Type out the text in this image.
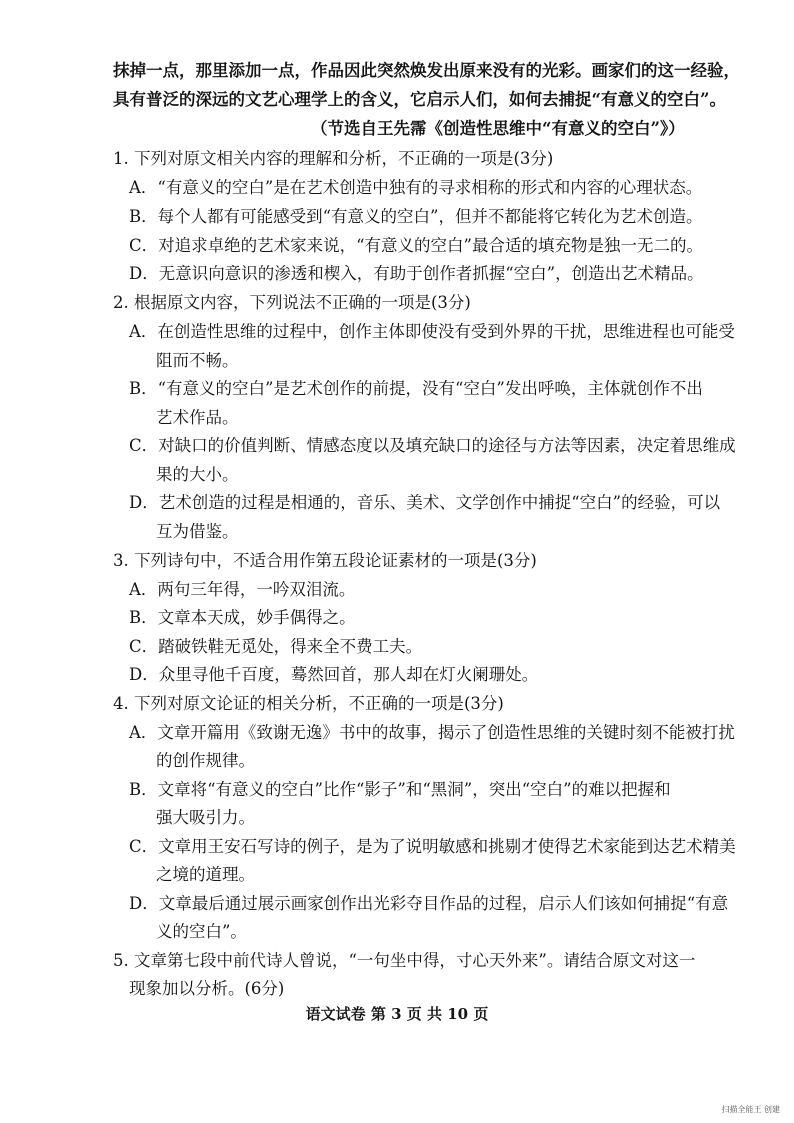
抹掉一点，那里添加一点，作品因此突然焕发出原来没有的光彩。画家们的这一经验，
具有普泛的深远的文艺心理学上的含义，它启示人们，如何去捕捉“有意义的空白”。
（节选自王先霈《创造性思维中“有意义的空白”》）
1. 下列对原文相关内容的理解和分析，不正确的一项是(3分)
A．“有意义的空白”是在艺术创造中独有的寻求相称的形式和内容的心理状态。
B．每个人都有可能感受到“有意义的空白”，但并不都能将它转化为艺术创造。
C．对追求卓绝的艺术家来说，“有意义的空白”最合适的填充物是独一无二的。
D．无意识向意识的渗透和楔入，有助于创作者抓握“空白”，创造出艺术精品。
2. 根据原文内容，下列说法不正确的一项是(3分)
A．在创造性思维的过程中，创作主体即使没有受到外界的干扰，思维进程也可能受
阻而不畅。
B．“有意义的空白”是艺术创作的前提，没有“空白”发出呼唤，主体就创作不出
艺术作品。
C．对缺口的价值判断、情感态度以及填充缺口的途径与方法等因素，决定着思维成
果的大小。
D．艺术创造的过程是相通的，音乐、美术、文学创作中捕捉“空白”的经验，可以
互为借鉴。
3. 下列诗句中，不适合用作第五段论证素材的一项是(3分)
A．两句三年得，一吟双泪流。
B．文章本天成，妙手偶得之。
C．踏破铁鞋无觅处，得来全不费工夫。
D．众里寻他千百度，蓦然回首，那人却在灯火阑珊处。
4. 下列对原文论证的相关分析，不正确的一项是(3分)
A．文章开篇用《致谢无逸》书中的故事，揭示了创造性思维的关键时刻不能被打扰
的创作规律。
B．文章将“有意义的空白”比作“影子”和“黑洞”，突出“空白”的难以把握和
强大吸引力。
C．文章用王安石写诗的例子，是为了说明敏感和挑剔才使得艺术家能到达艺术精美
之境的道理。
D．文章最后通过展示画家创作出光彩夺目作品的过程，启示人们该如何捕捉“有意
义的空白”。
5. 文章第七段中前代诗人曾说，“一句坐中得，寸心天外来”。请结合原文对这一
现象加以分析。(6分)
语文试卷 第 3 页 共 10 页
扫描全能王 创建
